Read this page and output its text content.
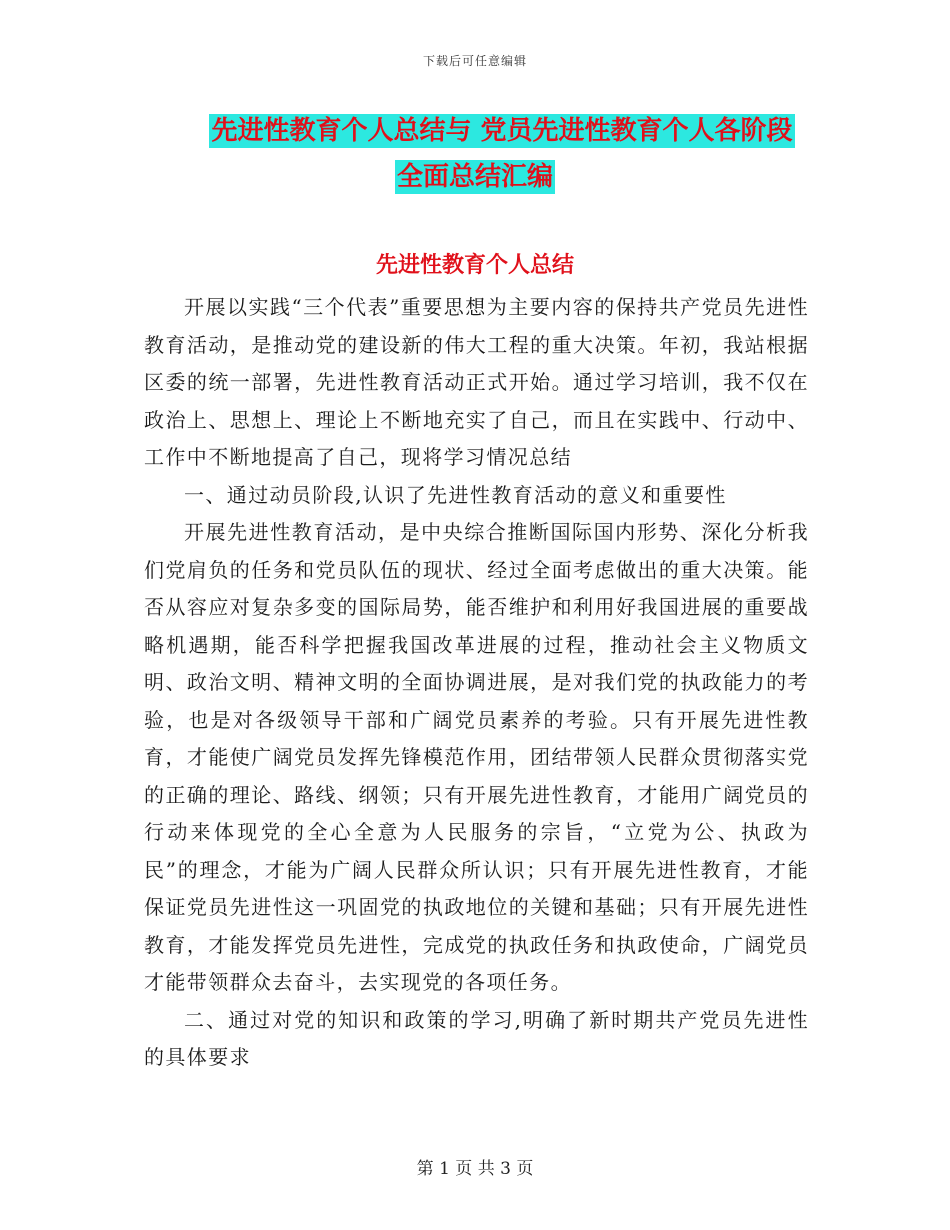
下载后可任意编辑
先进性教育个人总结与 党员先进性教育个人各阶段
全面总结汇编
先进性教育个人总结

开展以实践“三个代表”重要思想为主要内容的保持共产党员先进性教育活动，是推动党的建设新的伟大工程的重大决策。年初，我站根据区委的统一部署，先进性教育活动正式开始。通过学习培训，我不仅在政治上、思想上、理论上不断地充实了自己，而且在实践中、行动中、工作中不断地提高了自己，现将学习情况总结

一、通过动员阶段,认识了先进性教育活动的意义和重要性

开展先进性教育活动，是中央综合推断国际国内形势、深化分析我们党肩负的任务和党员队伍的现状、经过全面考虑做出的重大决策。能否从容应对复杂多变的国际局势，能否维护和利用好我国进展的重要战略机遇期，能否科学把握我国改革进展的过程，推动社会主义物质文明、政治文明、精神文明的全面协调进展，是对我们党的执政能力的考验，也是对各级领导干部和广阔党员素养的考验。只有开展先进性教育，才能使广阔党员发挥先锋模范作用，团结带领人民群众贯彻落实党的正确的理论、路线、纲领；只有开展先进性教育，才能用广阔党员的行动来体现党的全心全意为人民服务的宗旨，“立党为公、执政为民”的理念，才能为广阔人民群众所认识；只有开展先进性教育，才能保证党员先进性这一巩固党的执政地位的关键和基础；只有开展先进性教育，才能发挥党员先进性，完成党的执政任务和执政使命，广阔党员才能带领群众去奋斗，去实现党的各项任务。

二、通过对党的知识和政策的学习,明确了新时期共产党员先进性的具体要求

第 1 页 共 3 页
